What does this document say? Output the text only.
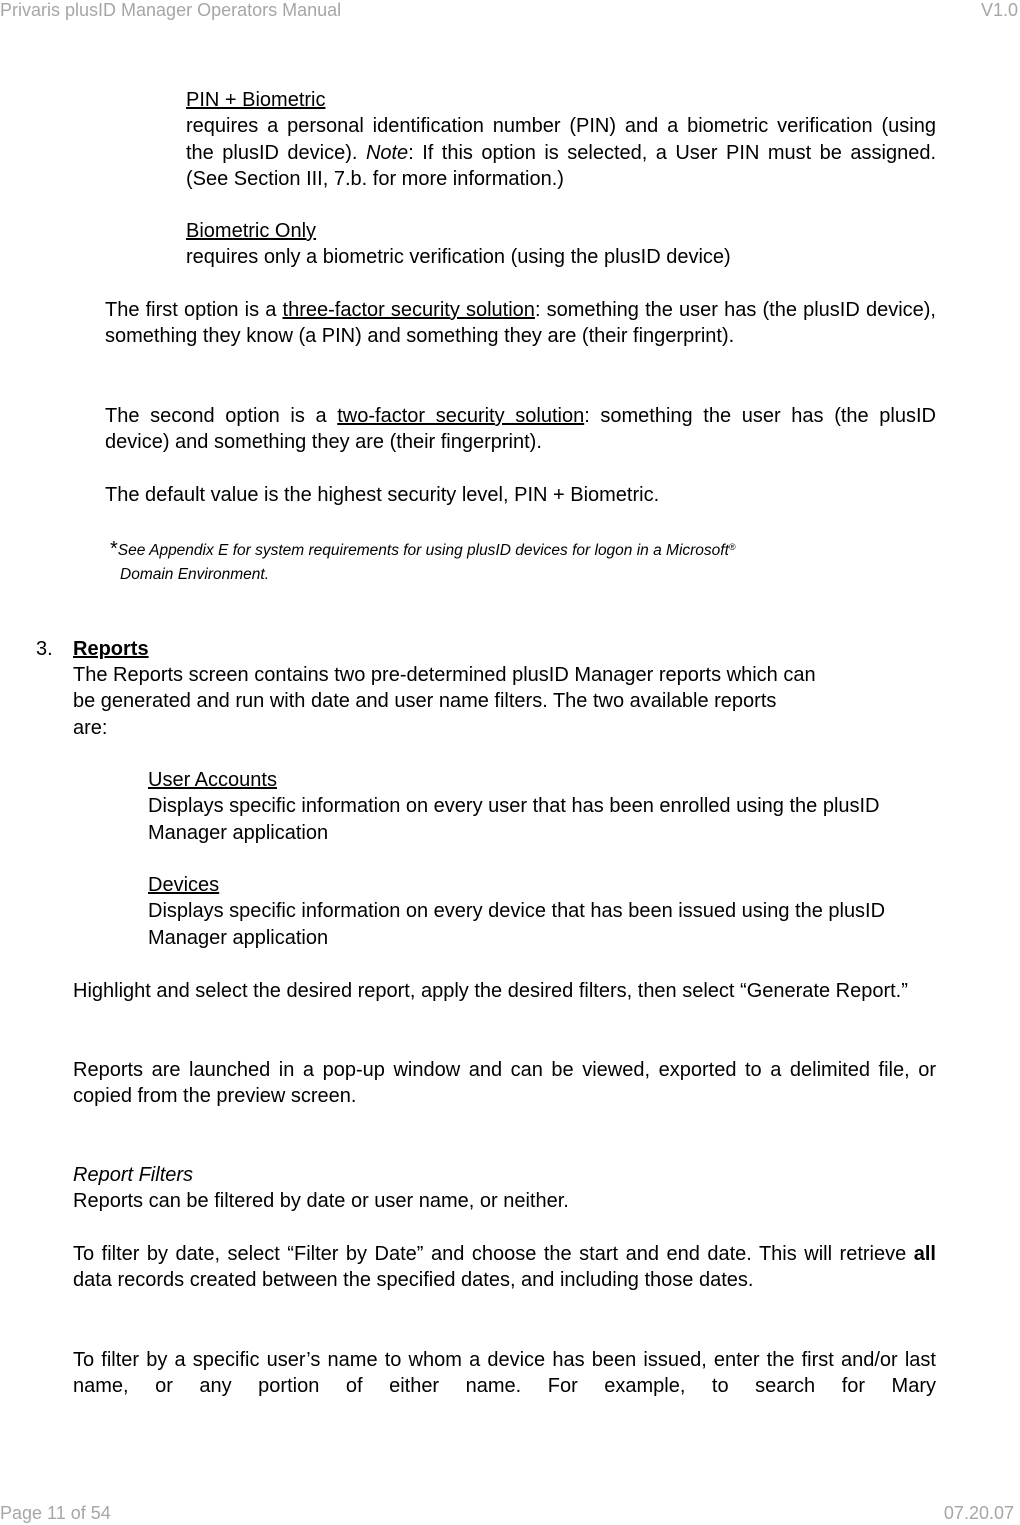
Privaris plusID Manager Operators Manual	V1.0
PIN + Biometric
requires a personal identification number (PIN) and a biometric verification (using the plusID device). Note: If this option is selected, a User PIN must be assigned. (See Section III, 7.b. for more information.)
Biometric Only
requires only a biometric verification (using the plusID device)
The first option is a three-factor security solution: something the user has (the plusID device), something they know (a PIN) and something they are (their fingerprint).
The second option is a two-factor security solution: something the user has (the plusID device) and something they are (their fingerprint).
The default value is the highest security level, PIN + Biometric.
*See Appendix E for system requirements for using plusID devices for logon in a Microsoft®
Domain Environment.
3. Reports
The Reports screen contains two pre-determined plusID Manager reports which can
be generated and run with date and user name filters. The two available reports
are:
User Accounts
Displays specific information on every user that has been enrolled using the plusID Manager application
Devices
Displays specific information on every device that has been issued using the plusID Manager application
Highlight and select the desired report, apply the desired filters, then select “Generate Report.”
Reports are launched in a pop-up window and can be viewed, exported to a delimited file, or copied from the preview screen.
Report Filters
Reports can be filtered by date or user name, or neither.
To filter by date, select “Filter by Date” and choose the start and end date. This will retrieve all data records created between the specified dates, and including those dates.
To filter by a specific user’s name to whom a device has been issued, enter the first and/or last name, or any portion of either name. For example, to search for Mary
Page 11 of 54	07.20.07
